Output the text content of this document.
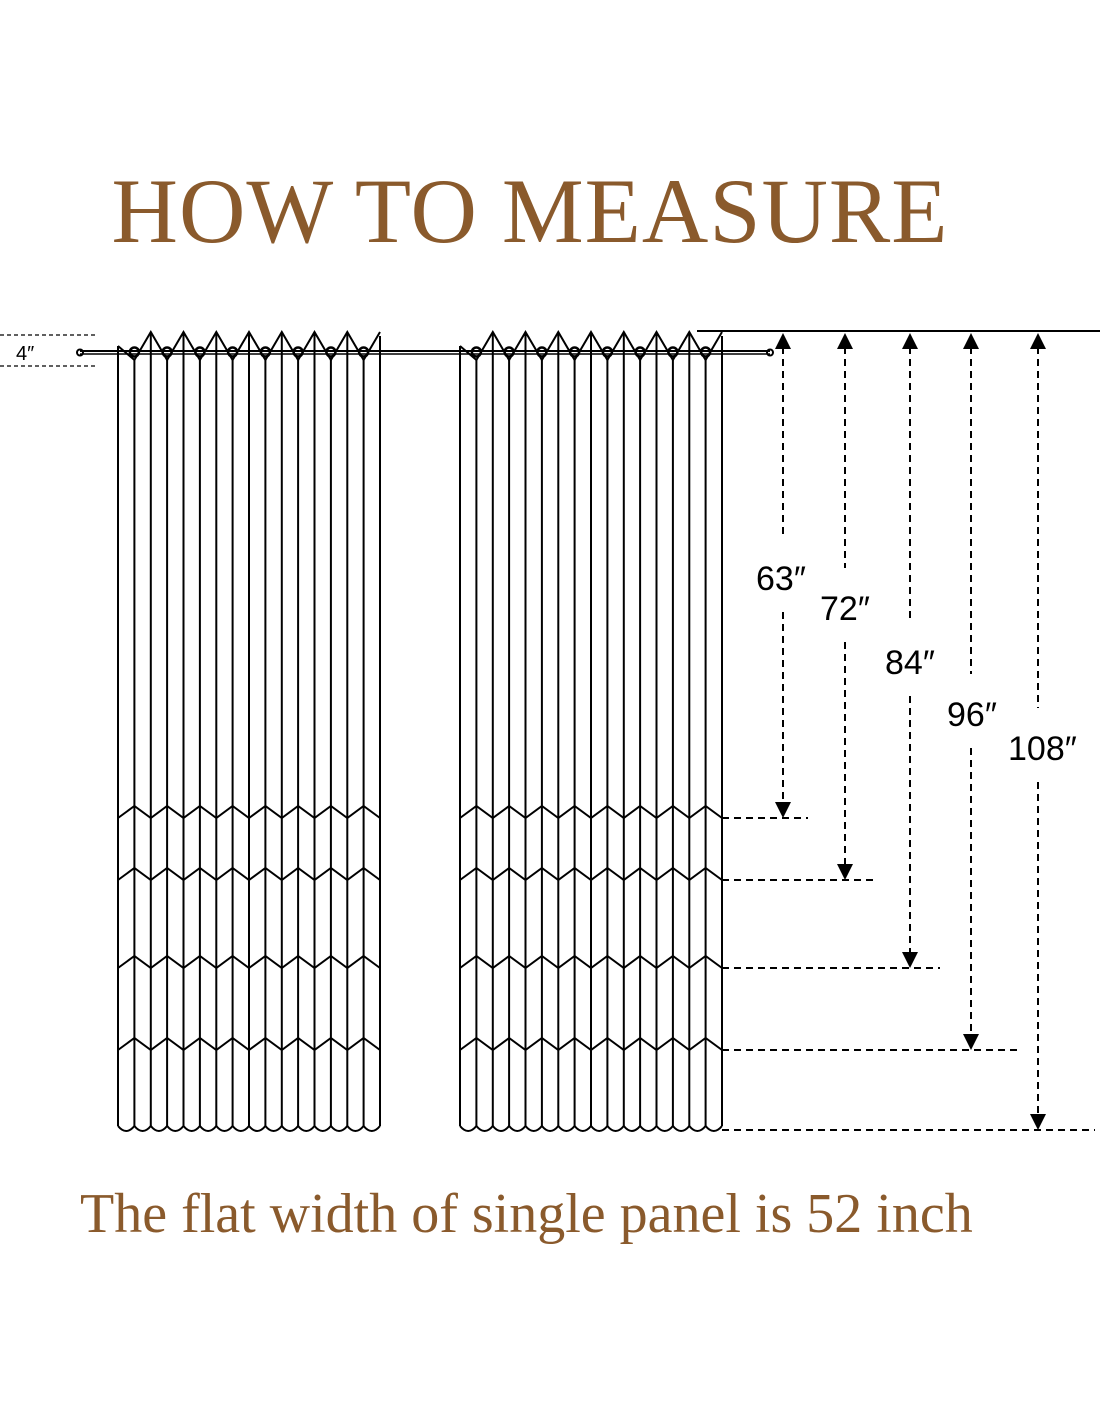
HOW TO MEASURE
63″
72″
84″
96″
108″
4″

The flat width of single panel is 52 inch
